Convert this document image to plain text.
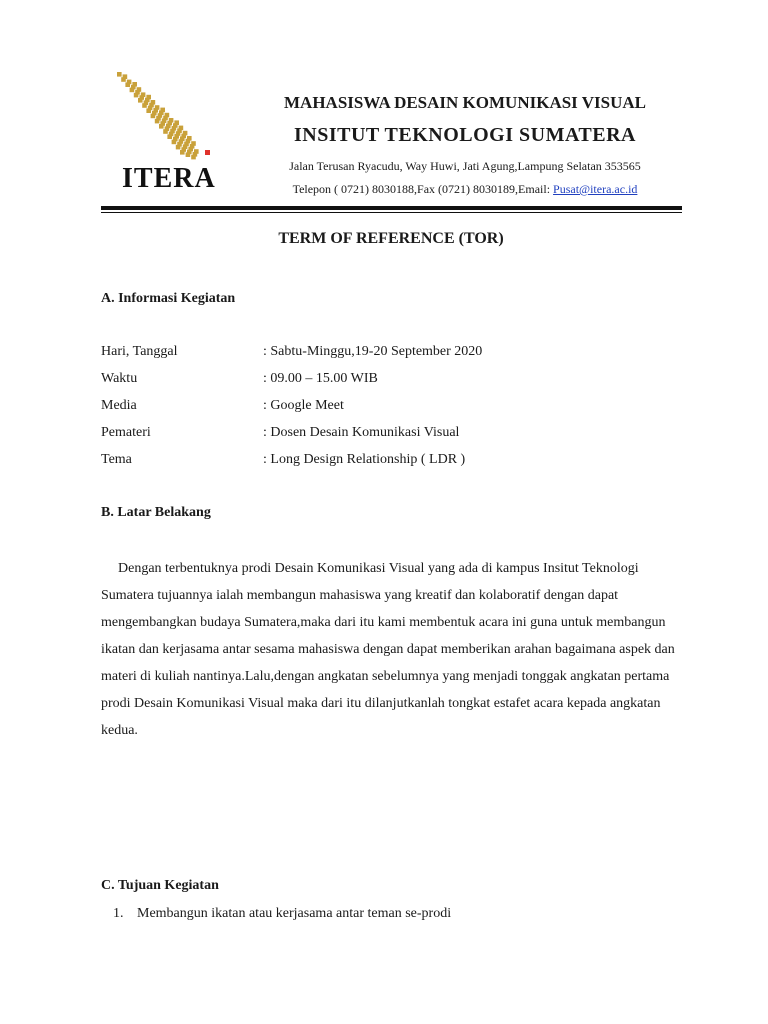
ITERA
MAHASISWA DESAIN KOMUNIKASI VISUAL
INSITUT TEKNOLOGI SUMATERA
Jalan Terusan Ryacudu, Way Huwi, Jati Agung,Lampung Selatan 353565
Telepon ( 0721) 8030188,Fax (0721) 8030189,Email: Pusat@itera.ac.id
TERM OF REFERENCE (TOR)
A. Informasi Kegiatan
Hari, Tanggal	: Sabtu-Minggu,19-20 September 2020
Waktu	: 09.00 – 15.00 WIB
Media	: Google Meet
Pemateri	: Dosen Desain Komunikasi Visual
Tema	: Long Design Relationship ( LDR )
B. Latar Belakang
Dengan terbentuknya prodi Desain Komunikasi Visual yang ada di kampus Insitut Teknologi Sumatera tujuannya ialah membangun mahasiswa yang kreatif dan kolaboratif dengan dapat mengembangkan budaya Sumatera,maka dari itu kami membentuk acara ini guna untuk membangun ikatan dan kerjasama antar sesama mahasiswa dengan dapat memberikan arahan bagaimana aspek dan materi di kuliah nantinya.Lalu,dengan angkatan sebelumnya yang menjadi tonggak angkatan pertama prodi Desain Komunikasi Visual maka dari itu dilanjutkanlah tongkat estafet acara kepada angkatan kedua.
C. Tujuan Kegiatan
1. Membangun ikatan atau kerjasama antar teman se-prodi
